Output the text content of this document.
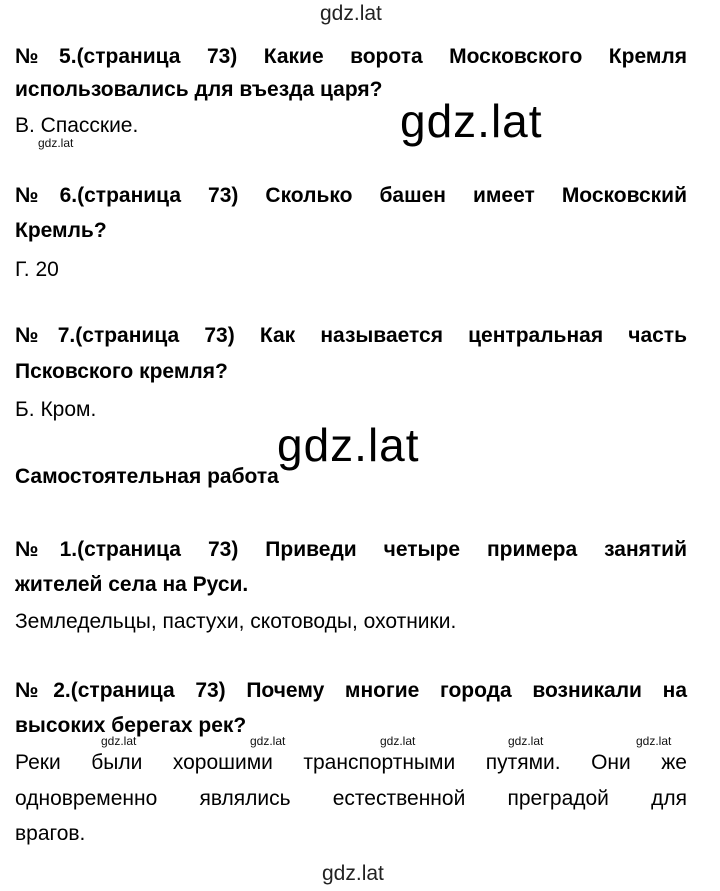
gdz.lat
№5.(страница 73) Какие ворота Московского Кремля
использовались для въезда царя?
В. Спасские.
gdz.lat	gdz.lat
№6.(страница 73) Сколько башен имеет Московский
Кремль?
Г. 20
№7.(страница 73) Как называется центральная часть
Псковского кремля?
Б. Кром.
gdz.lat
Самостоятельная работа
№1.(страница 73) Приведи четыре примера занятий
жителей села на Руси.
Земледельцы, пастухи, скотоводы, охотники.
№2.(страница 73) Почему многие города возникали на
высоких берегах рек?
gdz.lat	gdz.lat	gdz.lat	gdz.lat	gdz.lat
Реки были хорошими транспортными путями. Они же
одновременно являлись естественной преградой для
врагов.
gdz.lat
